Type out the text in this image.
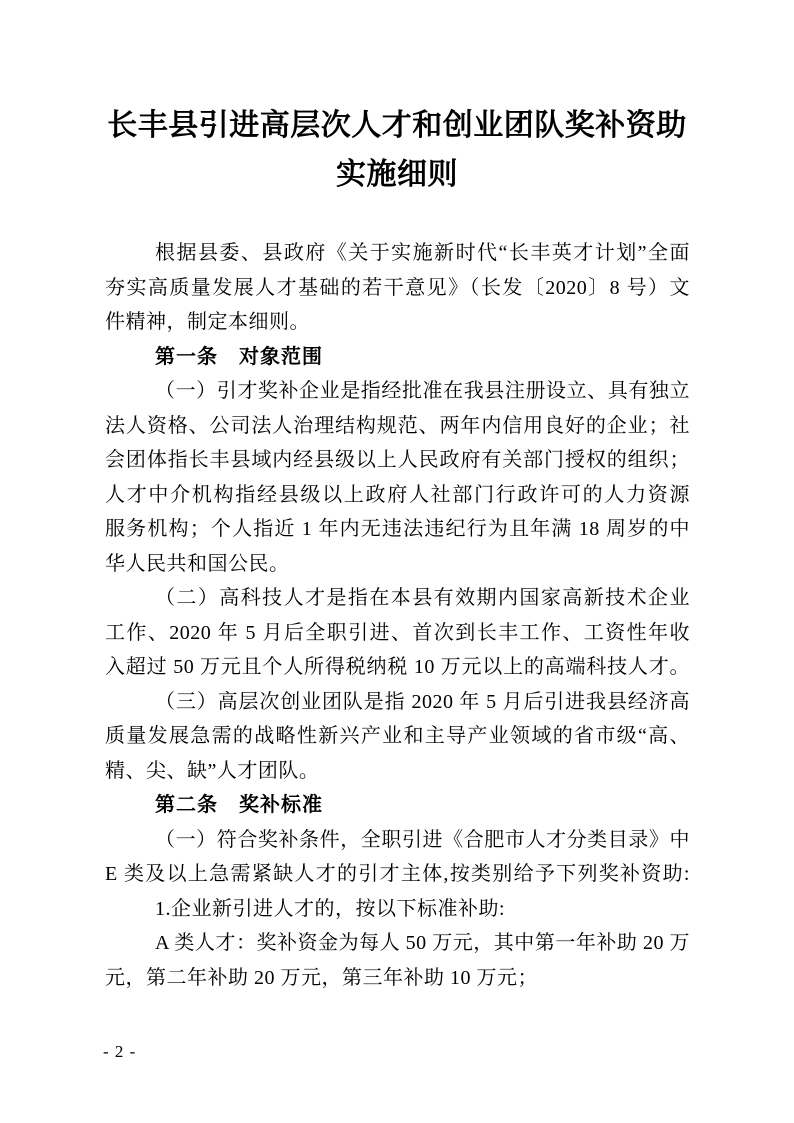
长丰县引进高层次人才和创业团队奖补资助
实施细则
根据县委、县政府《关于实施新时代“长丰英才计划”全面
夯实高质量发展人才基础的若干意见》（长发〔2020〕8 号）文
件精神，制定本细则。
第一条　对象范围
（一）引才奖补企业是指经批准在我县注册设立、具有独立
法人资格、公司法人治理结构规范、两年内信用良好的企业；社
会团体指长丰县域内经县级以上人民政府有关部门授权的组织；
人才中介机构指经县级以上政府人社部门行政许可的人力资源
服务机构；个人指近 1 年内无违法违纪行为且年满 18 周岁的中
华人民共和国公民。
（二）高科技人才是指在本县有效期内国家高新技术企业
工作、2020 年 5 月后全职引进、首次到长丰工作、工资性年收
入超过 50 万元且个人所得税纳税 10 万元以上的高端科技人才。
（三）高层次创业团队是指 2020 年 5 月后引进我县经济高
质量发展急需的战略性新兴产业和主导产业领域的省市级“高、
精、尖、缺”人才团队。
第二条　奖补标准
（一）符合奖补条件，全职引进《合肥市人才分类目录》中
E 类及以上急需紧缺人才的引才主体,按类别给予下列奖补资助:
1.企业新引进人才的，按以下标准补助:
A 类人才：奖补资金为每人 50 万元，其中第一年补助 20 万
元，第二年补助 20 万元，第三年补助 10 万元；
- 2 -
